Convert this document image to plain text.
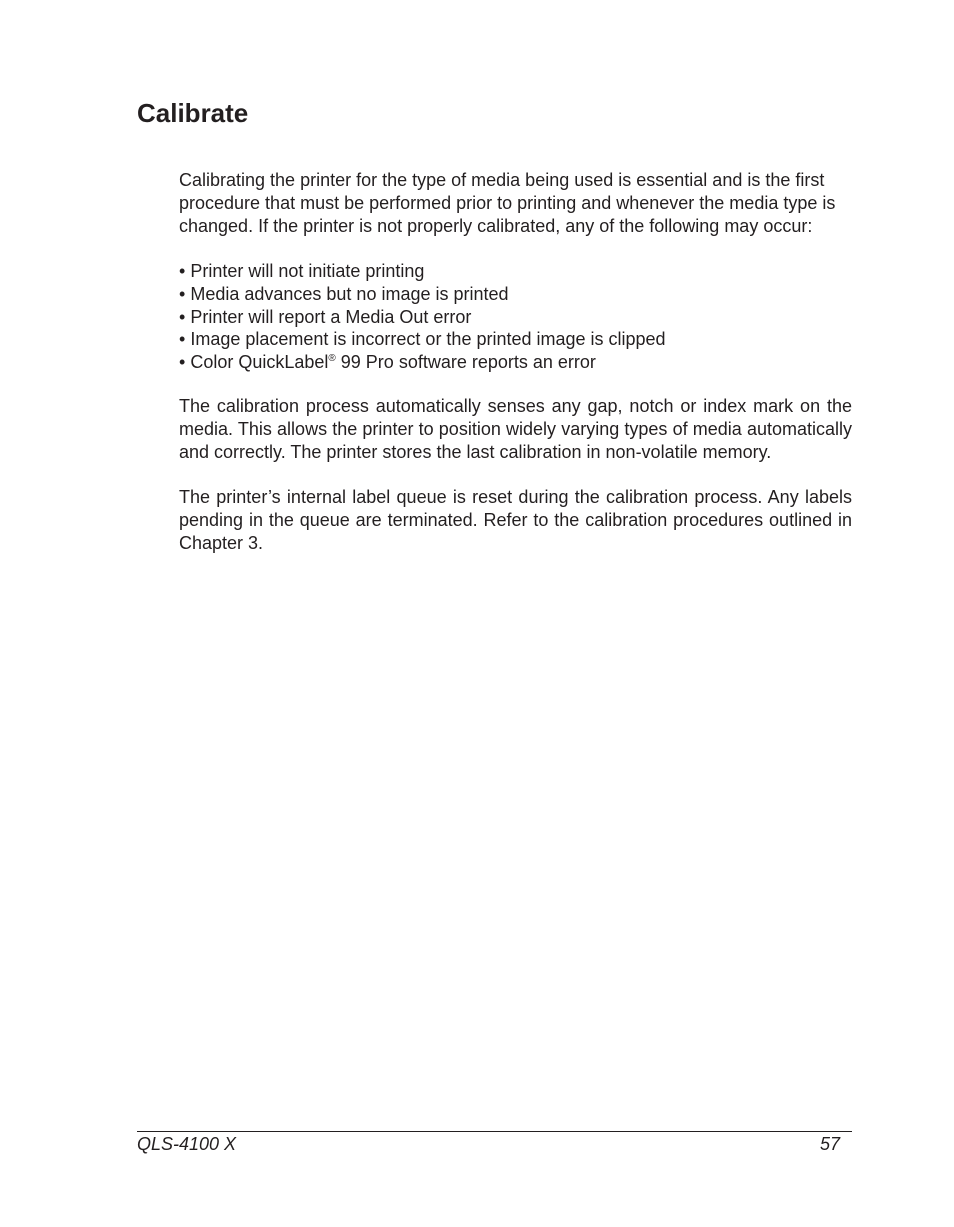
Calibrate

Calibrating the printer for the type of media being used is essential and is the first procedure that must be performed prior to printing and whenever the media type is changed. If the printer is not properly calibrated, any of the following may occur:

• Printer will not initiate printing
• Media advances but no image is printed
• Printer will report a Media Out error
• Image placement is incorrect or the printed image is clipped
• Color QuickLabel® 99 Pro software reports an error

The calibration process automatically senses any gap, notch or index mark on the media. This allows the printer to position widely varying types of media automatically and correctly. The printer stores the last calibration in non-volatile memory.

The printer’s internal label queue is reset during the calibration process. Any labels pending in the queue are terminated. Refer to the calibration procedures outlined in Chapter 3.

QLS-4100 X	57
